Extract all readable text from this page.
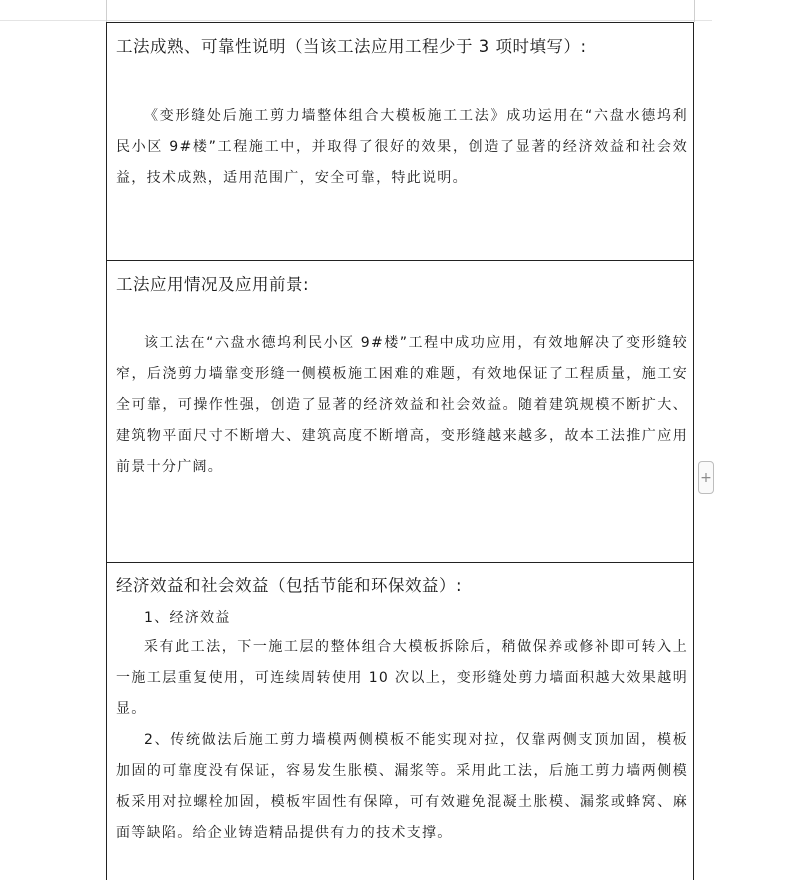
工法成熟、可靠性说明（当该工法应用工程少于 3 项时填写）:
《变形缝处后施工剪力墙整体组合大模板施工工法》成功运用在“六盘水德坞利民小区 9#楼”工程施工中，并取得了很好的效果，创造了显著的经济效益和社会效益，技术成熟，适用范围广，安全可靠，特此说明。
工法应用情况及应用前景:
该工法在“六盘水德坞利民小区 9#楼”工程中成功应用，有效地解决了变形缝较窄，后浇剪力墙靠变形缝一侧模板施工困难的难题，有效地保证了工程质量，施工安全可靠，可操作性强，创造了显著的经济效益和社会效益。随着建筑规模不断扩大、建筑物平面尺寸不断增大、建筑高度不断增高，变形缝越来越多，故本工法推广应用前景十分广阔。
经济效益和社会效益（包括节能和环保效益）:
1、经济效益
采有此工法，下一施工层的整体组合大模板拆除后，稍做保养或修补即可转入上一施工层重复使用，可连续周转使用 10 次以上，变形缝处剪力墙面积越大效果越明显。
2、传统做法后施工剪力墙模两侧模板不能实现对拉，仅靠两侧支顶加固，模板加固的可靠度没有保证，容易发生胀模、漏浆等。采用此工法，后施工剪力墙两侧模板采用对拉螺栓加固，模板牢固性有保障，可有效避免混凝土胀模、漏浆或蜂窝、麻面等缺陷。给企业铸造精品提供有力的技术支撑。
+
